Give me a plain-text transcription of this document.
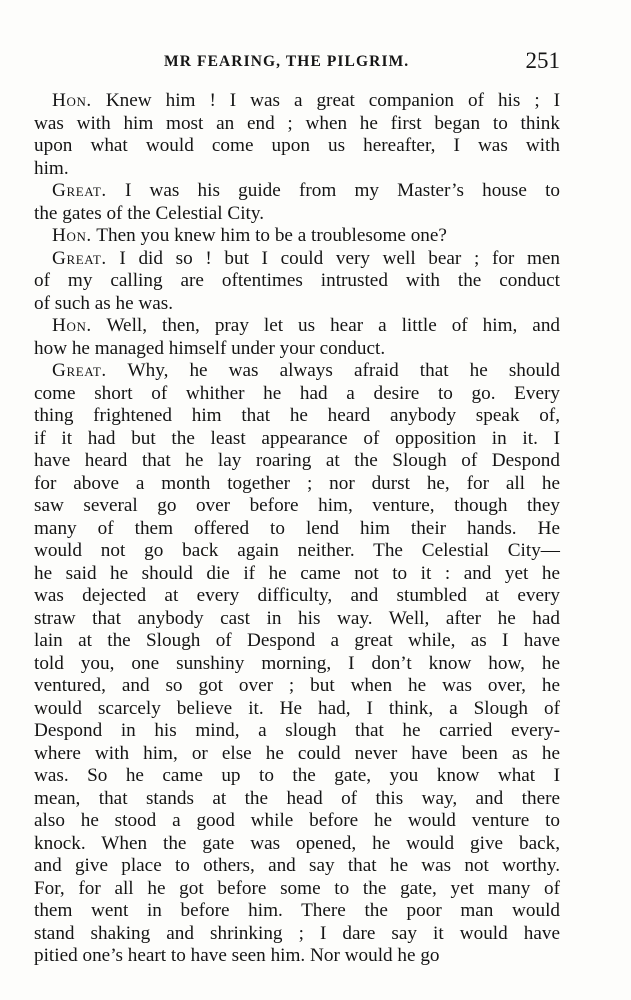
MR FEARING, THE PILGRIM.	251
Hon. Knew him ! I was a great companion of his ; I
was with him most an end ; when he first began to think
upon what would come upon us hereafter, I was with
him.
Great. I was his guide from my Master’s house to
the gates of the Celestial City.
Hon. Then you knew him to be a troublesome one?
Great. I did so ! but I could very well bear ; for men
of my calling are oftentimes intrusted with the conduct
of such as he was.
Hon. Well, then, pray let us hear a little of him, and
how he managed himself under your conduct.
Great. Why, he was always afraid that he should
come short of whither he had a desire to go. Every
thing frightened him that he heard anybody speak of,
if it had but the least appearance of opposition in it. I
have heard that he lay roaring at the Slough of Despond
for above a month together ; nor durst he, for all he
saw several go over before him, venture, though they
many of them offered to lend him their hands. He
would not go back again neither. The Celestial City—
he said he should die if he came not to it : and yet he
was dejected at every difficulty, and stumbled at every
straw that anybody cast in his way. Well, after he had
lain at the Slough of Despond a great while, as I have
told you, one sunshiny morning, I don’t know how, he
ventured, and so got over ; but when he was over, he
would scarcely believe it. He had, I think, a Slough of
Despond in his mind, a slough that he carried every-
where with him, or else he could never have been as he
was. So he came up to the gate, you know what I
mean, that stands at the head of this way, and there
also he stood a good while before he would venture to
knock. When the gate was opened, he would give back,
and give place to others, and say that he was not worthy.
For, for all he got before some to the gate, yet many of
them went in before him. There the poor man would
stand shaking and shrinking ; I dare say it would have
pitied one’s heart to have seen him. Nor would he go
